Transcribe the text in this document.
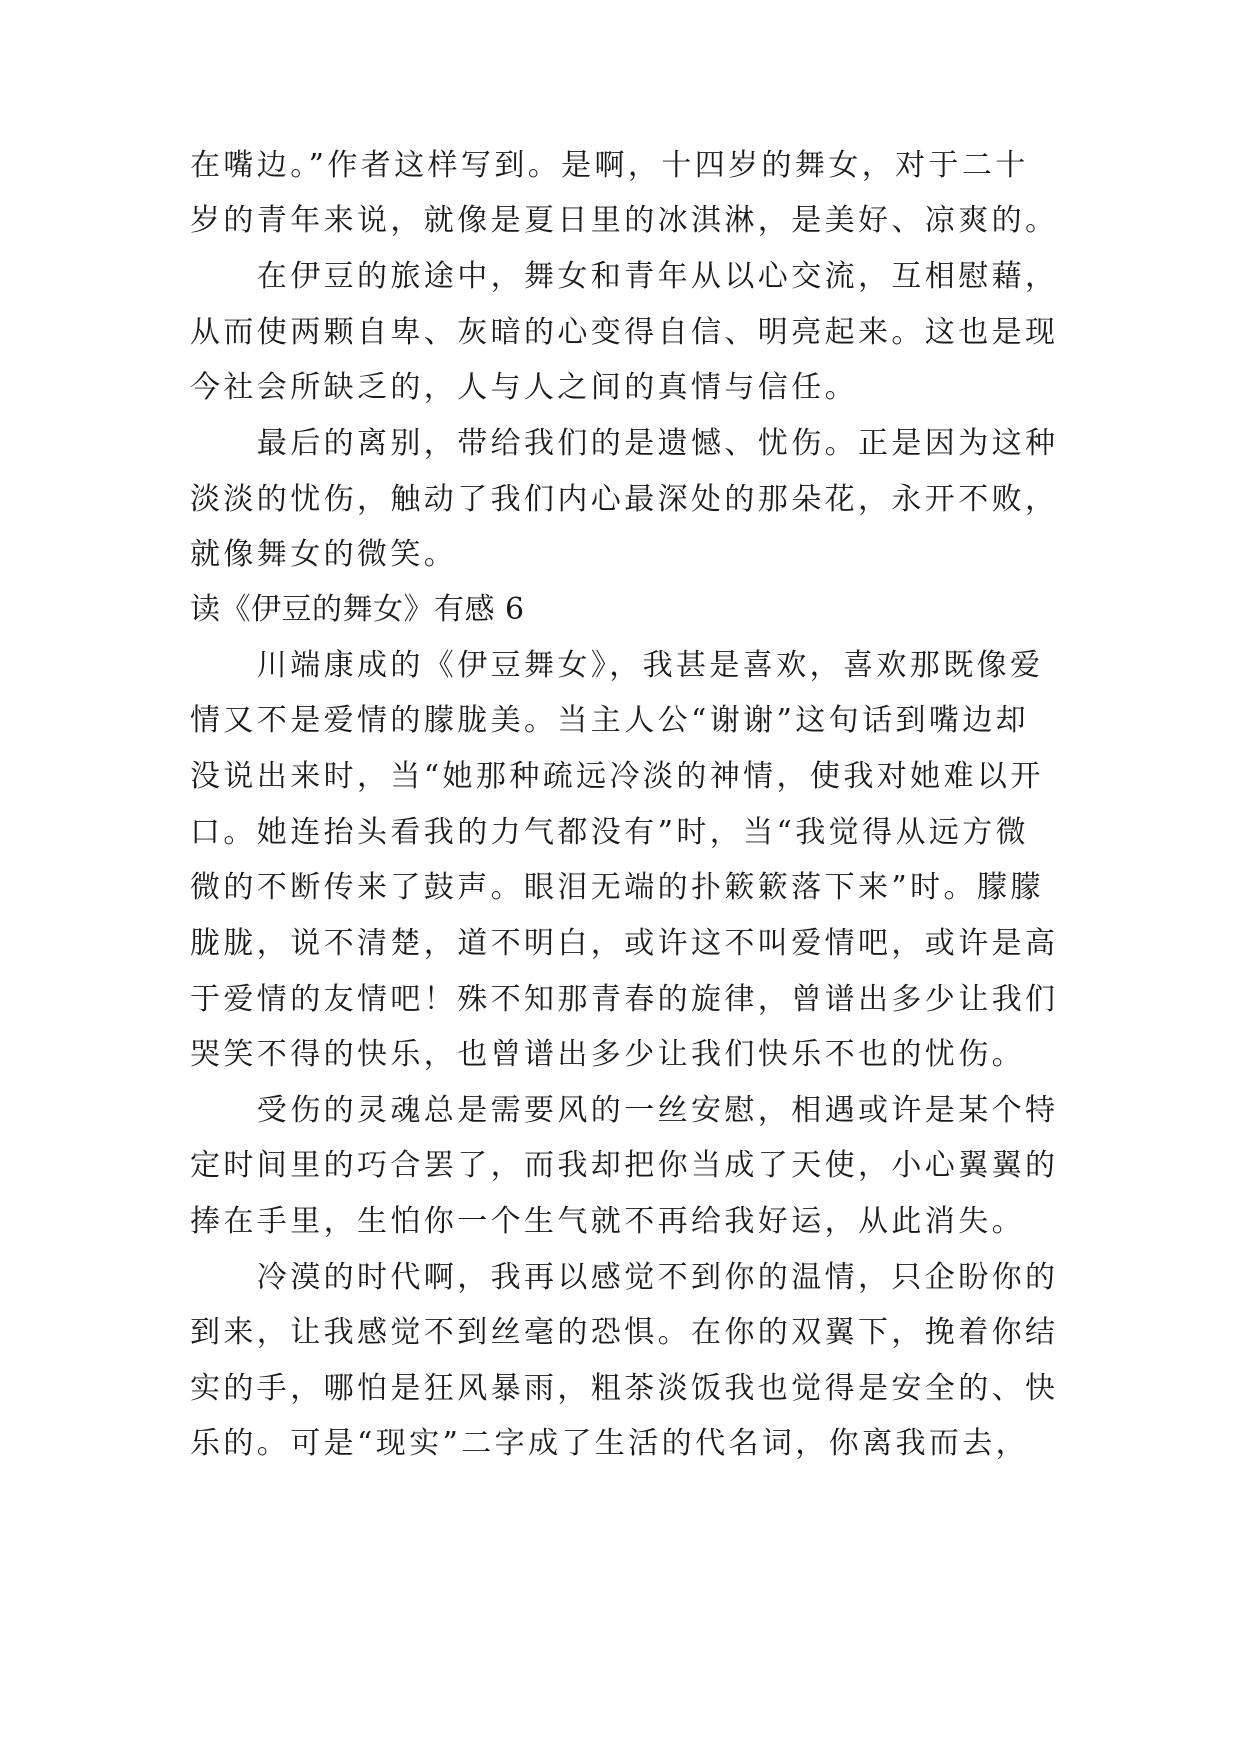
在嘴边。”作者这样写到。是啊，十四岁的舞女，对于二十
岁的青年来说，就像是夏日里的冰淇淋，是美好、凉爽的。
　　在伊豆的旅途中，舞女和青年从以心交流，互相慰藉，
从而使两颗自卑、灰暗的心变得自信、明亮起来。这也是现
今社会所缺乏的，人与人之间的真情与信任。
　　最后的离别，带给我们的是遗憾、忧伤。正是因为这种
淡淡的忧伤，触动了我们内心最深处的那朵花，永开不败，
就像舞女的微笑。
读《伊豆的舞女》有感 6
　　川端康成的《伊豆舞女》，我甚是喜欢，喜欢那既像爱
情又不是爱情的朦胧美。当主人公“谢谢”这句话到嘴边却
没说出来时，当“她那种疏远冷淡的神情，使我对她难以开
口。她连抬头看我的力气都没有”时，当“我觉得从远方微
微的不断传来了鼓声。眼泪无端的扑簌簌落下来”时。朦朦
胧胧，说不清楚，道不明白，或许这不叫爱情吧，或许是高
于爱情的友情吧！殊不知那青春的旋律，曾谱出多少让我们
哭笑不得的快乐，也曾谱出多少让我们快乐不也的忧伤。
　　受伤的灵魂总是需要风的一丝安慰，相遇或许是某个特
定时间里的巧合罢了，而我却把你当成了天使，小心翼翼的
捧在手里，生怕你一个生气就不再给我好运，从此消失。
　　冷漠的时代啊，我再以感觉不到你的温情，只企盼你的
到来，让我感觉不到丝毫的恐惧。在你的双翼下，挽着你结
实的手，哪怕是狂风暴雨，粗茶淡饭我也觉得是安全的、快
乐的。可是“现实”二字成了生活的代名词，你离我而去，
